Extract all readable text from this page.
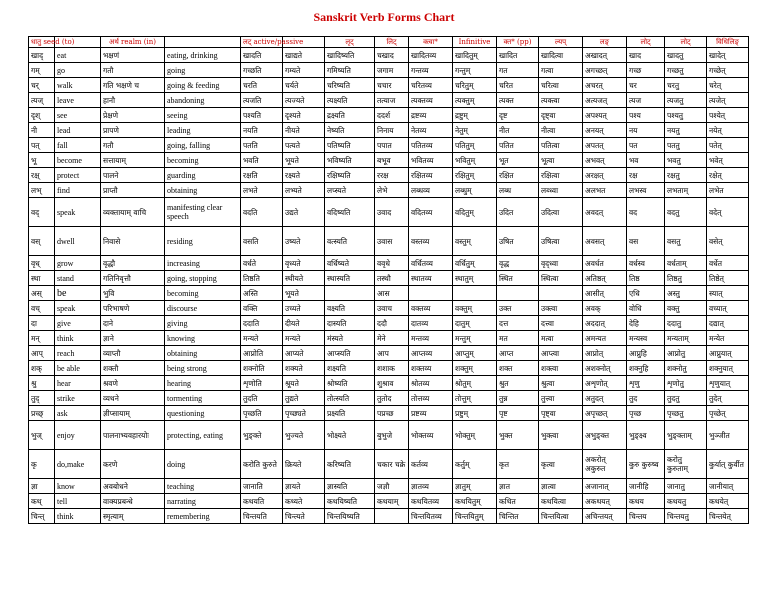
Sanskrit Verb Forms Chart
धातु seed (to)		अर्थ realm (in)		लट् active/passive		लृट्	लिट्	क्त्वा*	Infinitive	क्त* (pp)	ल्यप्	लङ्	लोट्	लोट्	विधिलिङ्
खाद्	eat	भक्षणं	eating, drinking	खादति	खाद्यते	खादिष्यति	चखाद	खादितव्य	खादितुम्	खादित	खादित्वा	अखादत्	खाद	खादतु	खादेत्
गम्	go	गतौ	going	गच्छति	गम्यते	गमिष्यति	जगाम	गन्तव्य	गन्तुम्	गत	गत्वा	अगच्छत्	गच्छ	गच्छतु	गच्छेत्
चर्	walk	गति भक्षणे च	going & feeding	चरति	चर्यते	चरिष्यति	चचार	चरितव्य	चरितुम्	चरित	चरित्वा	अचरत्	चर	चरतु	चरेत्
त्यज्	leave	हानौ	abandoning	त्यजति	त्यज्यते	त्यक्ष्यति	तत्याज	त्यक्तव्य	त्यक्तुम्	त्यक्त	त्यक्त्वा	अत्यजत्	त्यज	त्यजतु	त्यजेत्
दृश्	see	प्रेक्षणे	seeing	पश्यति	दृश्यते	द्रक्ष्यति	ददर्श	द्रष्टव्य	द्रष्टुम्	दृष्ट	दृष्ट्वा	अपश्यत्	पश्य	पश्यतु	पश्येत्
नी	lead	प्रापणे	leading	नयति	नीयते	नेष्यति	निनाय	नेतव्य	नेतुम्	नीत	नीत्वा	अनयत्	नय	नयतु	नयेत्
पत्	fall	गतौ	going, falling	पतति	पत्यते	पतिष्यति	पपात	पतितव्य	पतितुम्	पतित	पतित्वा	अपतत्	पत	पततु	पतेत्
भू	become	सत्तायाम्	becoming	भवति	भूयते	भविष्यति	बभूव	भवितव्य	भवितुम्	भूत	भूत्वा	अभवत्	भव	भवतु	भवेत्
रक्ष्	protect	पालने	guarding	रक्षति	रक्ष्यते	रक्षिष्यति	ररक्ष	रक्षितव्य	रक्षितुम्	रक्षित	रक्षित्वा	अरक्षत्	रक्ष	रक्षतु	रक्षेत्
लभ्	find	प्राप्तौ	obtaining	लभते	लभ्यते	लप्स्यते	लेभे	लब्धव्य	लब्धुम्	लब्ध	लब्ध्वा	अलभत	लभस्व	लभताम्	लभेत
वद्	speak	व्यक्तायाम् वाचि	manifesting clear speech	वदति	उद्यते	वदिष्यति	उवाद	वदितव्य	वदितुम्	उदित	उदित्वा	अवदत्	वद	वदतु	वदेत्
वस्	dwell	निवासे	residing	वसति	उष्यते	वत्स्यति	उवास	वस्तव्य	वस्तुम्	उषित	उषित्वा	अवसत्	वस	वसतु	वसेत्
वृध्	grow	वृद्धौ	increasing	वर्धते	वृध्यते	वर्धिष्यते	ववृधे	वर्धितव्य	वर्धितुम्	वृद्ध	वृद्ध्वा	अवर्धत	वर्धस्व	वर्धताम्	वर्धेत
स्था	stand	गतिनिवृत्तौ	going, stopping	तिष्ठति	स्थीयते	स्थास्यति	तस्थौ	स्थातव्य	स्थातुम्	स्थित	स्थित्वा	अतिष्ठत्	तिष्ठ	तिष्ठतु	तिष्ठेत्
अस्	be	भुवि	becoming	अस्ति	भूयते		आस					आसीत्	एधि	अस्तु	स्यात्
वच्	speak	परिभाषणे	discourse	वक्ति	उच्यते	वक्ष्यति	उवाच	वक्तव्य	वक्तुम्	उक्त	उक्त्वा	अवक्	वोधि	वक्तु	वच्यात्
दा	give	दाने	giving	ददाति	दीयते	दास्यति	ददौ	दातव्य	दातुम्	दत्त	दत्त्वा	अददात्	देहि	ददातु	दद्यात्
मन्	think	ज्ञाने	knowing	मन्यते	मन्यते	मंस्यते	मेने	मन्तव्य	मन्तुम्	मत	मत्वा	अमन्यत	मन्यस्व	मन्यताम्	मन्येत
आप्	reach	व्याप्तौ	obtaining	आप्नोति	आप्यते	आप्स्यति	आप	आप्तव्य	आप्तुम्	आप्त	आप्त्वा	आप्नोत्	आप्नुहि	आप्नोतु	आप्नुयात्
शक्	be able	शक्तौ	being strong	शक्नोति	शक्यते	शक्ष्यति	शशाक	शक्तव्य	शक्तुम्	शक्त	शक्त्वा	अशक्नोत्	शक्नुहि	शक्नोतु	शक्नुयात्
श्रु	hear	श्रवणे	hearing	शृणोति	श्रूयते	श्रोष्यति	शुश्राव	श्रोतव्य	श्रोतुम्	श्रुत	श्रुत्वा	अशृणोत्	शृणु	शृणोतु	शृणुयात्
तुद्	strike	व्यथने	tormenting	तुदति	तुद्यते	तोत्स्यति	तुतोद	तोत्तव्य	तोत्तुम्	तुन्न	तुत्त्वा	अतुदत्	तुद	तुदतु	तुदेत्
प्रच्छ्	ask	ज्ञीप्सायाम्	questioning	पृच्छति	पृच्छ्यते	प्रक्ष्यति	पप्रच्छ	प्रष्टव्य	प्रष्टुम्	पृष्ट	पृष्ट्वा	अपृच्छत्	पृच्छ	पृच्छतु	पृच्छेत्
भुज्	enjoy	पालनाभ्यवहारयोः	protecting, eating	भुङ्क्ते	भुज्यते	भोक्ष्यते	बुभुजे	भोक्तव्य	भोक्तुम्	भुक्त	भुक्त्वा	अभुङ्क्त	भुङ्क्ष्व	भुङ्क्ताम्	भुञ्जीत
कृ	do,make	करणे	doing	करोति कुरुते	क्रियते	करिष्यति	चकार चक्रे	कर्तव्य	कर्तुम्	कृत	कृत्वा	अकरोत् अकुरुत	कुरु कुरुष्व	करोतु कुरुताम्	कुर्यात् कुर्वीत
ज्ञा	know	अवबोधने	teaching	जानाति	ज्ञायते	ज्ञास्यति	जज्ञौ	ज्ञातव्य	ज्ञातुम्	ज्ञात	ज्ञात्वा	अजानात्	जानीहि	जानातु	जानीयात्
कथ्	tell	वाक्यप्रबन्धे	narrating	कथयति	कथ्यते	कथयिष्यति	कथयाम्	कथयितव्य	कथयितुम्	कथित	कथयित्वा	अकथयत्	कथय	कथयतु	कथयेत्
चिन्त्	think	स्मृत्याम्	remembering	चिन्तयति	चिन्त्यते	चिन्तयिष्यति		चिन्तयितव्य	चिन्तयितुम्	चिन्तित	चिन्तयित्वा	अचिन्तयत्	चिन्तय	चिन्तयतु	चिन्तयेत्
